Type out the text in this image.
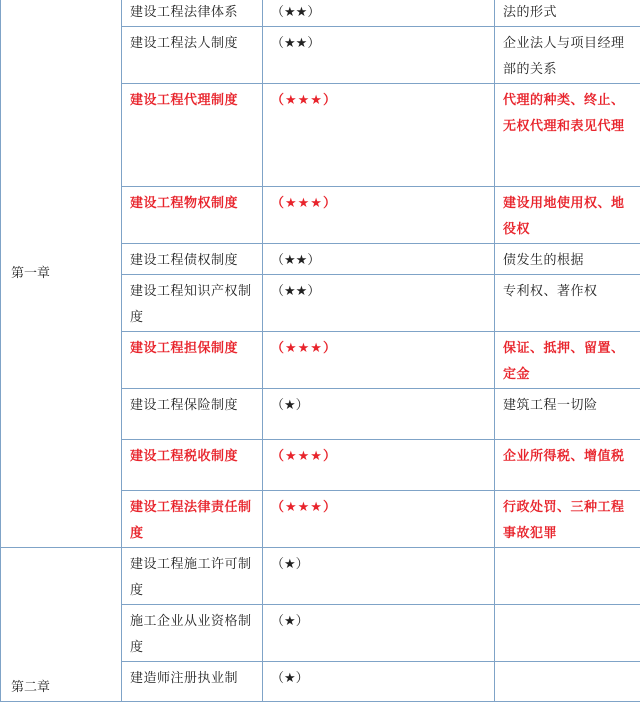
第一章	建设工程法律体系	（★★）	法的形式
	建设工程法人制度	（★★）	企业法人与项目经理部的关系
	建设工程代理制度	（★★★）	代理的种类、终止、无权代理和表见代理
	建设工程物权制度	（★★★）	建设用地使用权、地役权
	建设工程债权制度	（★★）	债发生的根据
	建设工程知识产权制度	（★★）	专利权、著作权
	建设工程担保制度	（★★★）	保证、抵押、留置、定金
	建设工程保险制度	（★）	建筑工程一切险
	建设工程税收制度	（★★★）	企业所得税、增值税
	建设工程法律责任制度	（★★★）	行政处罚、三种工程事故犯罪
第二章	建设工程施工许可制度	（★）	
	施工企业从业资格制度	（★）	
	建造师注册执业制	（★）	
